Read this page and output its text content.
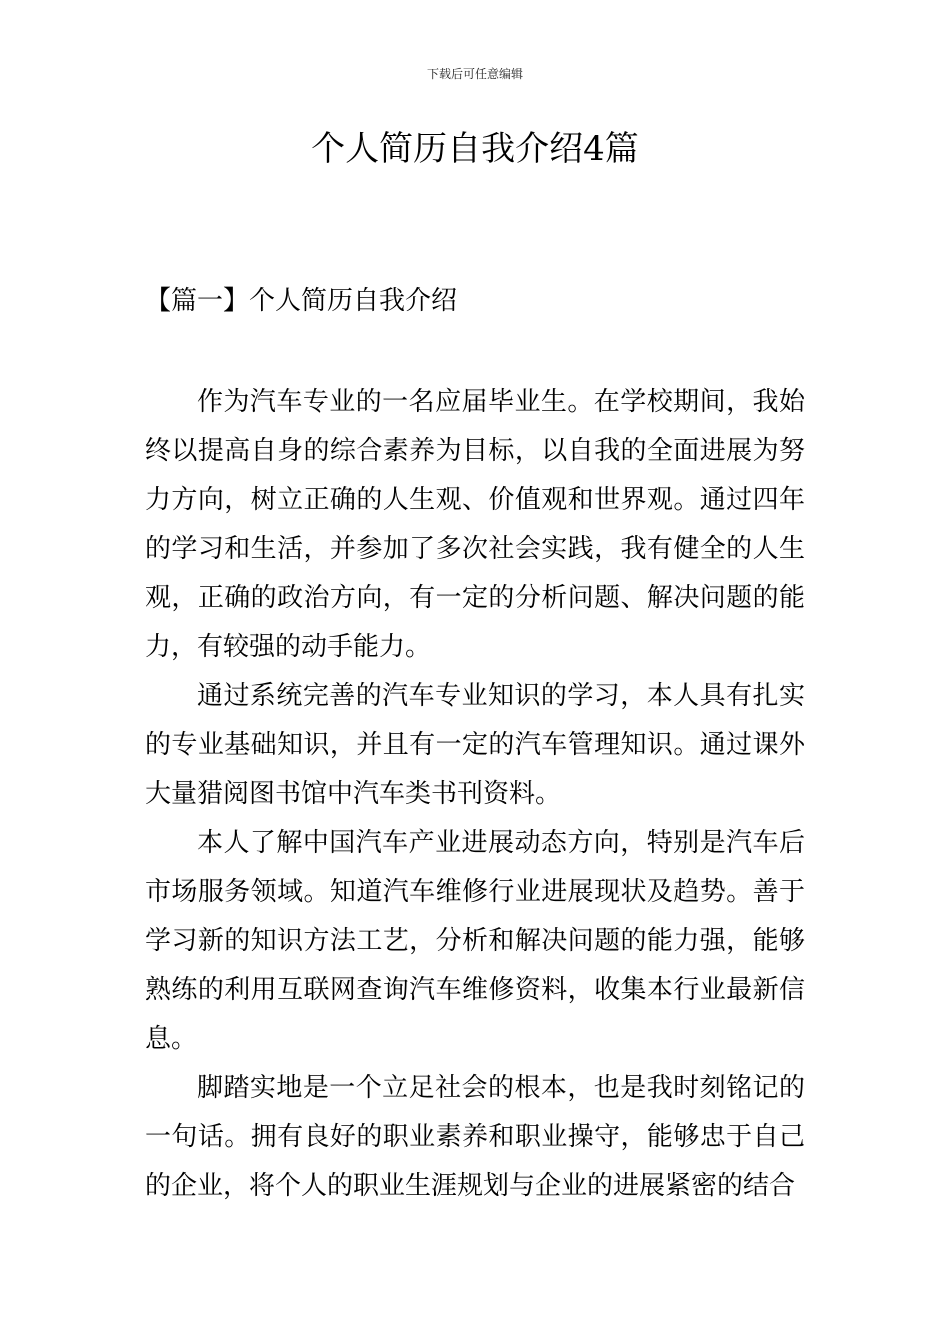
下载后可任意编辑
个人简历自我介绍4篇
【篇一】个人简历自我介绍

作为汽车专业的一名应届毕业生。在学校期间，我始终以提高自身的综合素养为目标，以自我的全面进展为努力方向，树立正确的人生观、价值观和世界观。通过四年的学习和生活，并参加了多次社会实践，我有健全的人生观，正确的政治方向，有一定的分析问题、解决问题的能力，有较强的动手能力。

通过系统完善的汽车专业知识的学习，本人具有扎实的专业基础知识，并且有一定的汽车管理知识。通过课外大量猎阅图书馆中汽车类书刊资料。

本人了解中国汽车产业进展动态方向，特别是汽车后市场服务领域。知道汽车维修行业进展现状及趋势。善于学习新的知识方法工艺，分析和解决问题的能力强，能够熟练的利用互联网查询汽车维修资料，收集本行业最新信息。

脚踏实地是一个立足社会的根本，也是我时刻铭记的一句话。拥有良好的职业素养和职业操守，能够忠于自己的企业，将个人的职业生涯规划与企业的进展紧密的结合
